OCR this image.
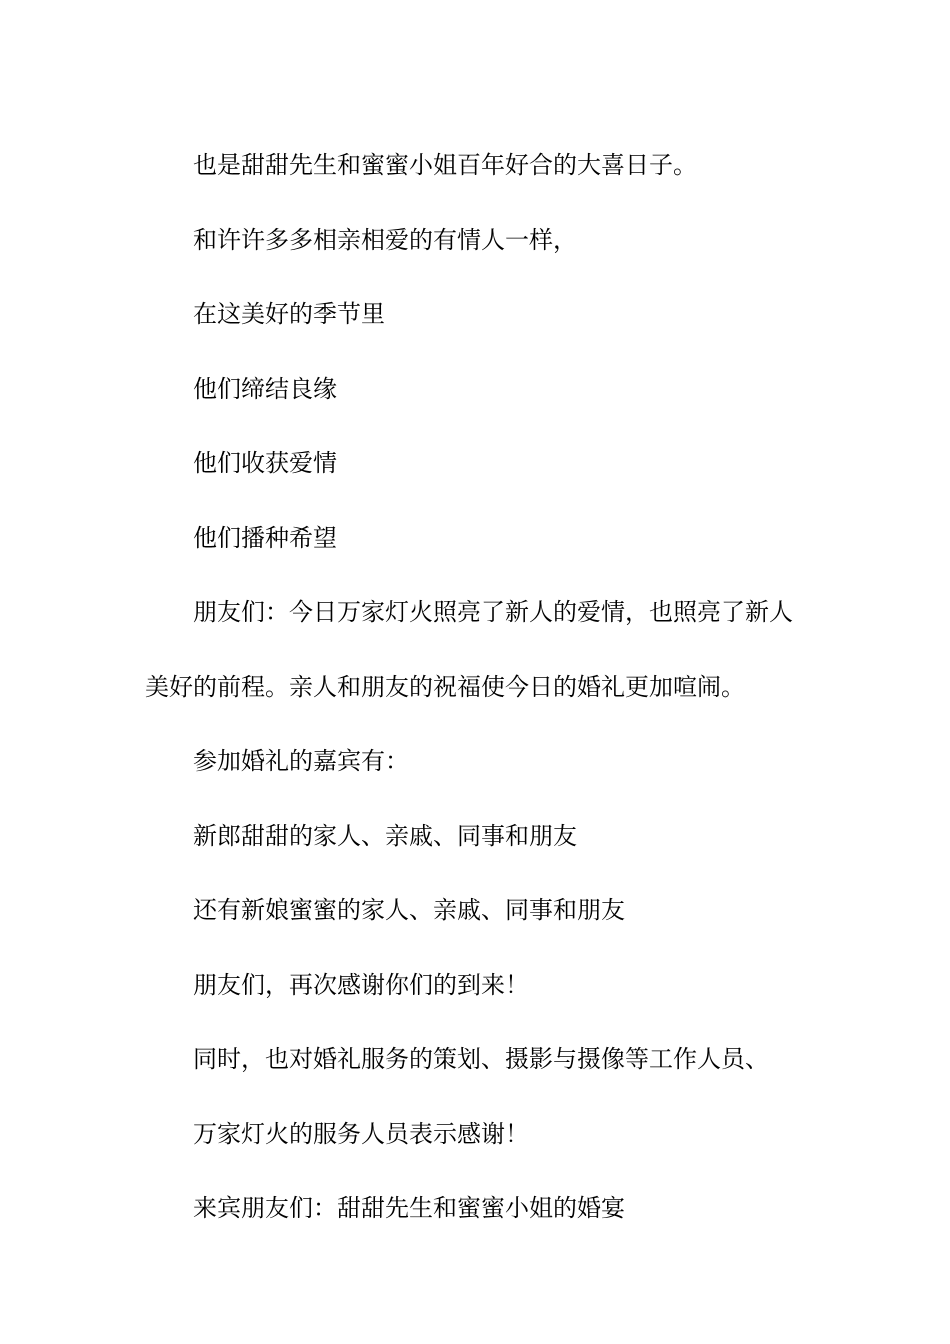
也是甜甜先生和蜜蜜小姐百年好合的大喜日子。

和许许多多相亲相爱的有情人一样，

在这美好的季节里

他们缔结良缘

他们收获爱情

他们播种希望

朋友们：今日万家灯火照亮了新人的爱情，也照亮了新人美好的前程。亲人和朋友的祝福使今日的婚礼更加喧闹。

参加婚礼的嘉宾有：

新郎甜甜的家人、亲戚、同事和朋友

还有新娘蜜蜜的家人、亲戚、同事和朋友

朋友们，再次感谢你们的到来！

同时，也对婚礼服务的策划、摄影与摄像等工作人员、

万家灯火的服务人员表示感谢！

来宾朋友们：甜甜先生和蜜蜜小姐的婚宴
